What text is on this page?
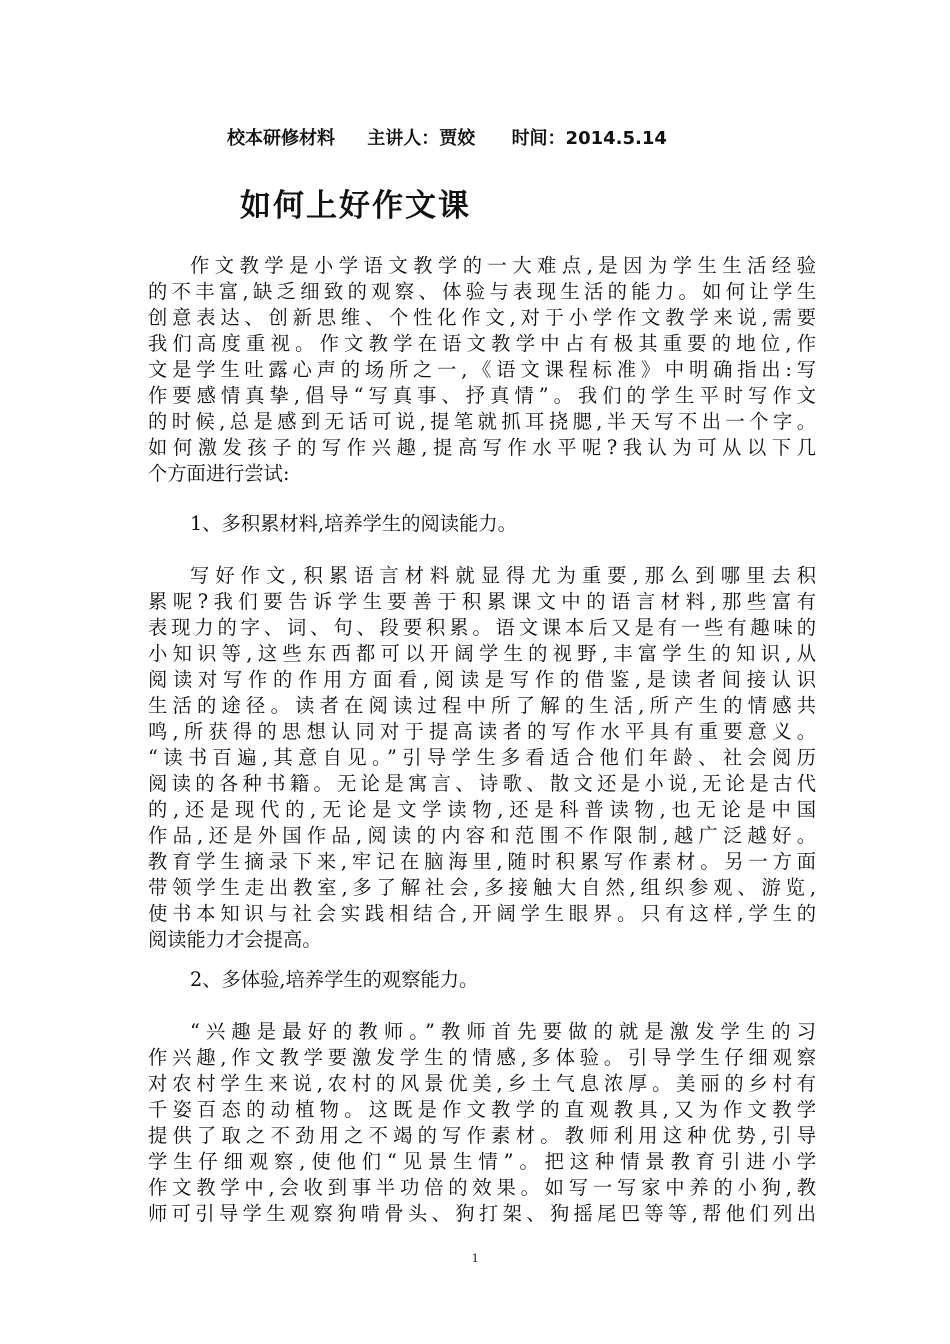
校本研修材料 主讲人：贾姣 时间：2014.5.14
如何上好作文课
作文教学是小学语文教学的一大难点,是因为学生生活经验
的不丰富,缺乏细致的观察、体验与表现生活的能力。如何让学生
创意表达、创新思维、个性化作文,对于小学作文教学来说,需要
我们高度重视。作文教学在语文教学中占有极其重要的地位,作
文是学生吐露心声的场所之一,《语文课程标准》中明确指出:写
作要感情真挚,倡导“写真事、抒真情”。我们的学生平时写作文
的时候,总是感到无话可说,提笔就抓耳挠腮,半天写不出一个字。
如何激发孩子的写作兴趣,提高写作水平呢?我认为可从以下几
个方面进行尝试:
1、多积累材料,培养学生的阅读能力。
写好作文,积累语言材料就显得尤为重要,那么到哪里去积
累呢?我们要告诉学生要善于积累课文中的语言材料,那些富有
表现力的字、词、句、段要积累。语文课本后又是有一些有趣味的
小知识等,这些东西都可以开阔学生的视野,丰富学生的知识,从
阅读对写作的作用方面看,阅读是写作的借鉴,是读者间接认识
生活的途径。读者在阅读过程中所了解的生活,所产生的情感共
鸣,所获得的思想认同对于提高读者的写作水平具有重要意义。
“读书百遍,其意自见。”引导学生多看适合他们年龄、社会阅历
阅读的各种书籍。无论是寓言、诗歌、散文还是小说,无论是古代
的,还是现代的,无论是文学读物,还是科普读物,也无论是中国
作品,还是外国作品,阅读的内容和范围不作限制,越广泛越好。
教育学生摘录下来,牢记在脑海里,随时积累写作素材。另一方面
带领学生走出教室,多了解社会,多接触大自然,组织参观、游览,
使书本知识与社会实践相结合,开阔学生眼界。只有这样,学生的
阅读能力才会提高。
2、多体验,培养学生的观察能力。
“兴趣是最好的教师。”教师首先要做的就是激发学生的习
作兴趣,作文教学要激发学生的情感,多体验。引导学生仔细观察
对农村学生来说,农村的风景优美,乡土气息浓厚。美丽的乡村有
千姿百态的动植物。这既是作文教学的直观教具,又为作文教学
提供了取之不劲用之不竭的写作素材。教师利用这种优势,引导
学生仔细观察,使他们“见景生情”。把这种情景教育引进小学
作文教学中,会收到事半功倍的效果。如写一写家中养的小狗,教
师可引导学生观察狗啃骨头、狗打架、狗摇尾巴等等,帮他们列出
1
